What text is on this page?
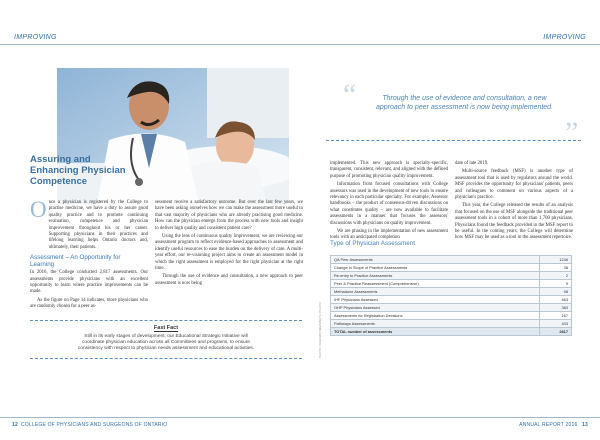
IMPROVING	IMPROVING
PHOTO: DREAMSTIME/SINHYU PHOTO
Assuring and
Enhancing Physician
Competence
O nce a physician is registered by the College to practise medicine, we have a duty to assure good quality practice and to promote continuing evaluation, competence and physician improvement throughout his or her career. Supporting physicians in their practices and lifelong learning helps Ontario doctors and, ultimately, their patients.

Assessment – An Opportunity for
Learning

In 2016, the College conducted 2,817 assessments. Our assessments provide physicians with an excellent opportunity to learn where practice improvements can be made.

As the figure on Page 14 indicates, more physicians who are randomly chosen for a peer as-

sessment receive a satisfactory outcome. But over the last few years, we have been asking ourselves how we can make the assessment more useful to that vast majority of physicians who are already practising good medicine. How can the physician emerge from the process with new tools and insight to deliver high quality and consistent patient care?

Using the lens of continuous quality improvement, we are reviewing our assessment program to reflect evidence-based approaches to assessment and identify useful resources to ease the burden on the delivery of care. A multi-year effort, our re-visioning project aims to create an assessment model in which the right assessment is employed for the right physician at the right time.

Through the use of evidence and consultation, a new approach to peer assessment is now being

Fast Fact
Still in its early stages of development, our Educational Strategic Initiative will
coordinate physician education across all Committees and programs, to ensure
consistency with respect to physician needs assessment and educational activities.
“	Through the use of evidence and consultation, a new
approach to peer assessment is now being implemented.
”

implemented. This new approach is specialty-specific, transparent, consistent, relevant, and aligned with the defined purpose of promoting physician quality improvement.

Information from focused consultations with College assessors was used in the development of new tools to ensure relevancy in each particular specialty. For example, Assessor handbooks – the product of consensus-driven discussions on what constitutes quality – are now available to facilitate assessments in a manner that focuses the assessors' discussions with physicians on quality improvement.

We are phasing in the implementation of new assessment tools with an anticipated completion

date of late 2019.

Multi-source feedback (MSF) is another type of assessment tool that is used by regulators around the world. MSF provides the opportunity for physicians' patients, peers and colleagues to comment on various aspects of a physician's practice.

This year, the College released the results of an analysis that focused on the use of MSF alongside the traditional peer assessment tools in a cohort of more than 1,700 physicians. Physicians found the feedback provided in the MSF report to be useful. In the coming years, the College will determine how MSF may be used as a tool in the assessment repertoire.

Type of Physician Assessment
QA Peer Assessments	1246
Change in Scope of Practice Assessments	36
Re-entry to Practice Assessments	2
Peer & Practice Reassessment (Comprehensive)	9
Methadone Assessments	98
IHF Physicians Assessed	463
OHP Physicians Assessed	383
Assessments for Registration Decisions	167
Pathways Assessments	433
TOTAL number of assessments	2817
12 COLLEGE OF PHYSICIANS AND SURGEONS OF ONTARIO	ANNUAL REPORT 2016 13
